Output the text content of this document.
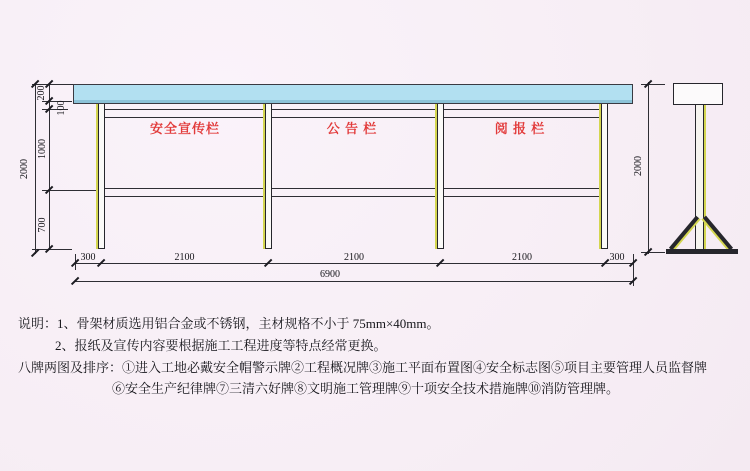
安全宣传栏	公 告 栏	阅 报 栏
2000
200
100
1000
700
300	2100	2100	2100	300
6900
2000
说明：1、骨架材质选用铝合金或不锈钢，主材规格不小于 75mm×40mm。
2、报纸及宣传内容要根据施工工程进度等特点经常更换。
八牌两图及排序：①进入工地必戴安全帽警示牌②工程概况牌③施工平面布置图④安全标志图⑤项目主要管理人员监督牌
⑥安全生产纪律牌⑦三清六好牌⑧文明施工管理牌⑨十项安全技术措施牌⑩消防管理牌。
